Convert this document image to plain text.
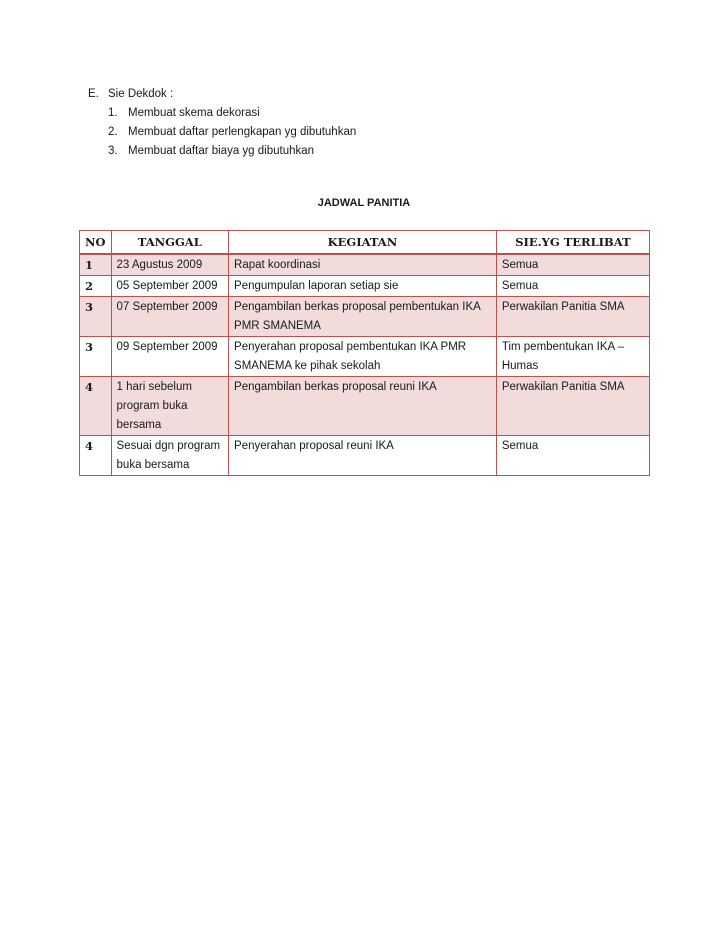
E. Sie Dekdok :
1. Membuat skema dekorasi
2. Membuat daftar perlengkapan yg dibutuhkan
3. Membuat daftar biaya yg dibutuhkan
JADWAL PANITIA
NO	TANGGAL	KEGIATAN	SIE.YG TERLIBAT
1	23 Agustus 2009	Rapat koordinasi	Semua
2	05 September 2009	Pengumpulan laporan setiap sie	Semua
3	07 September 2009	Pengambilan berkas proposal pembentukan IKA PMR SMANEMA	Perwakilan Panitia SMA
3	09 September 2009	Penyerahan proposal pembentukan IKA PMR SMANEMA ke pihak sekolah	Tim pembentukan IKA – Humas
4	1 hari sebelum program buka bersama	Pengambilan berkas proposal reuni IKA	Perwakilan Panitia SMA
4	Sesuai dgn program buka bersama	Penyerahan proposal reuni IKA	Semua
